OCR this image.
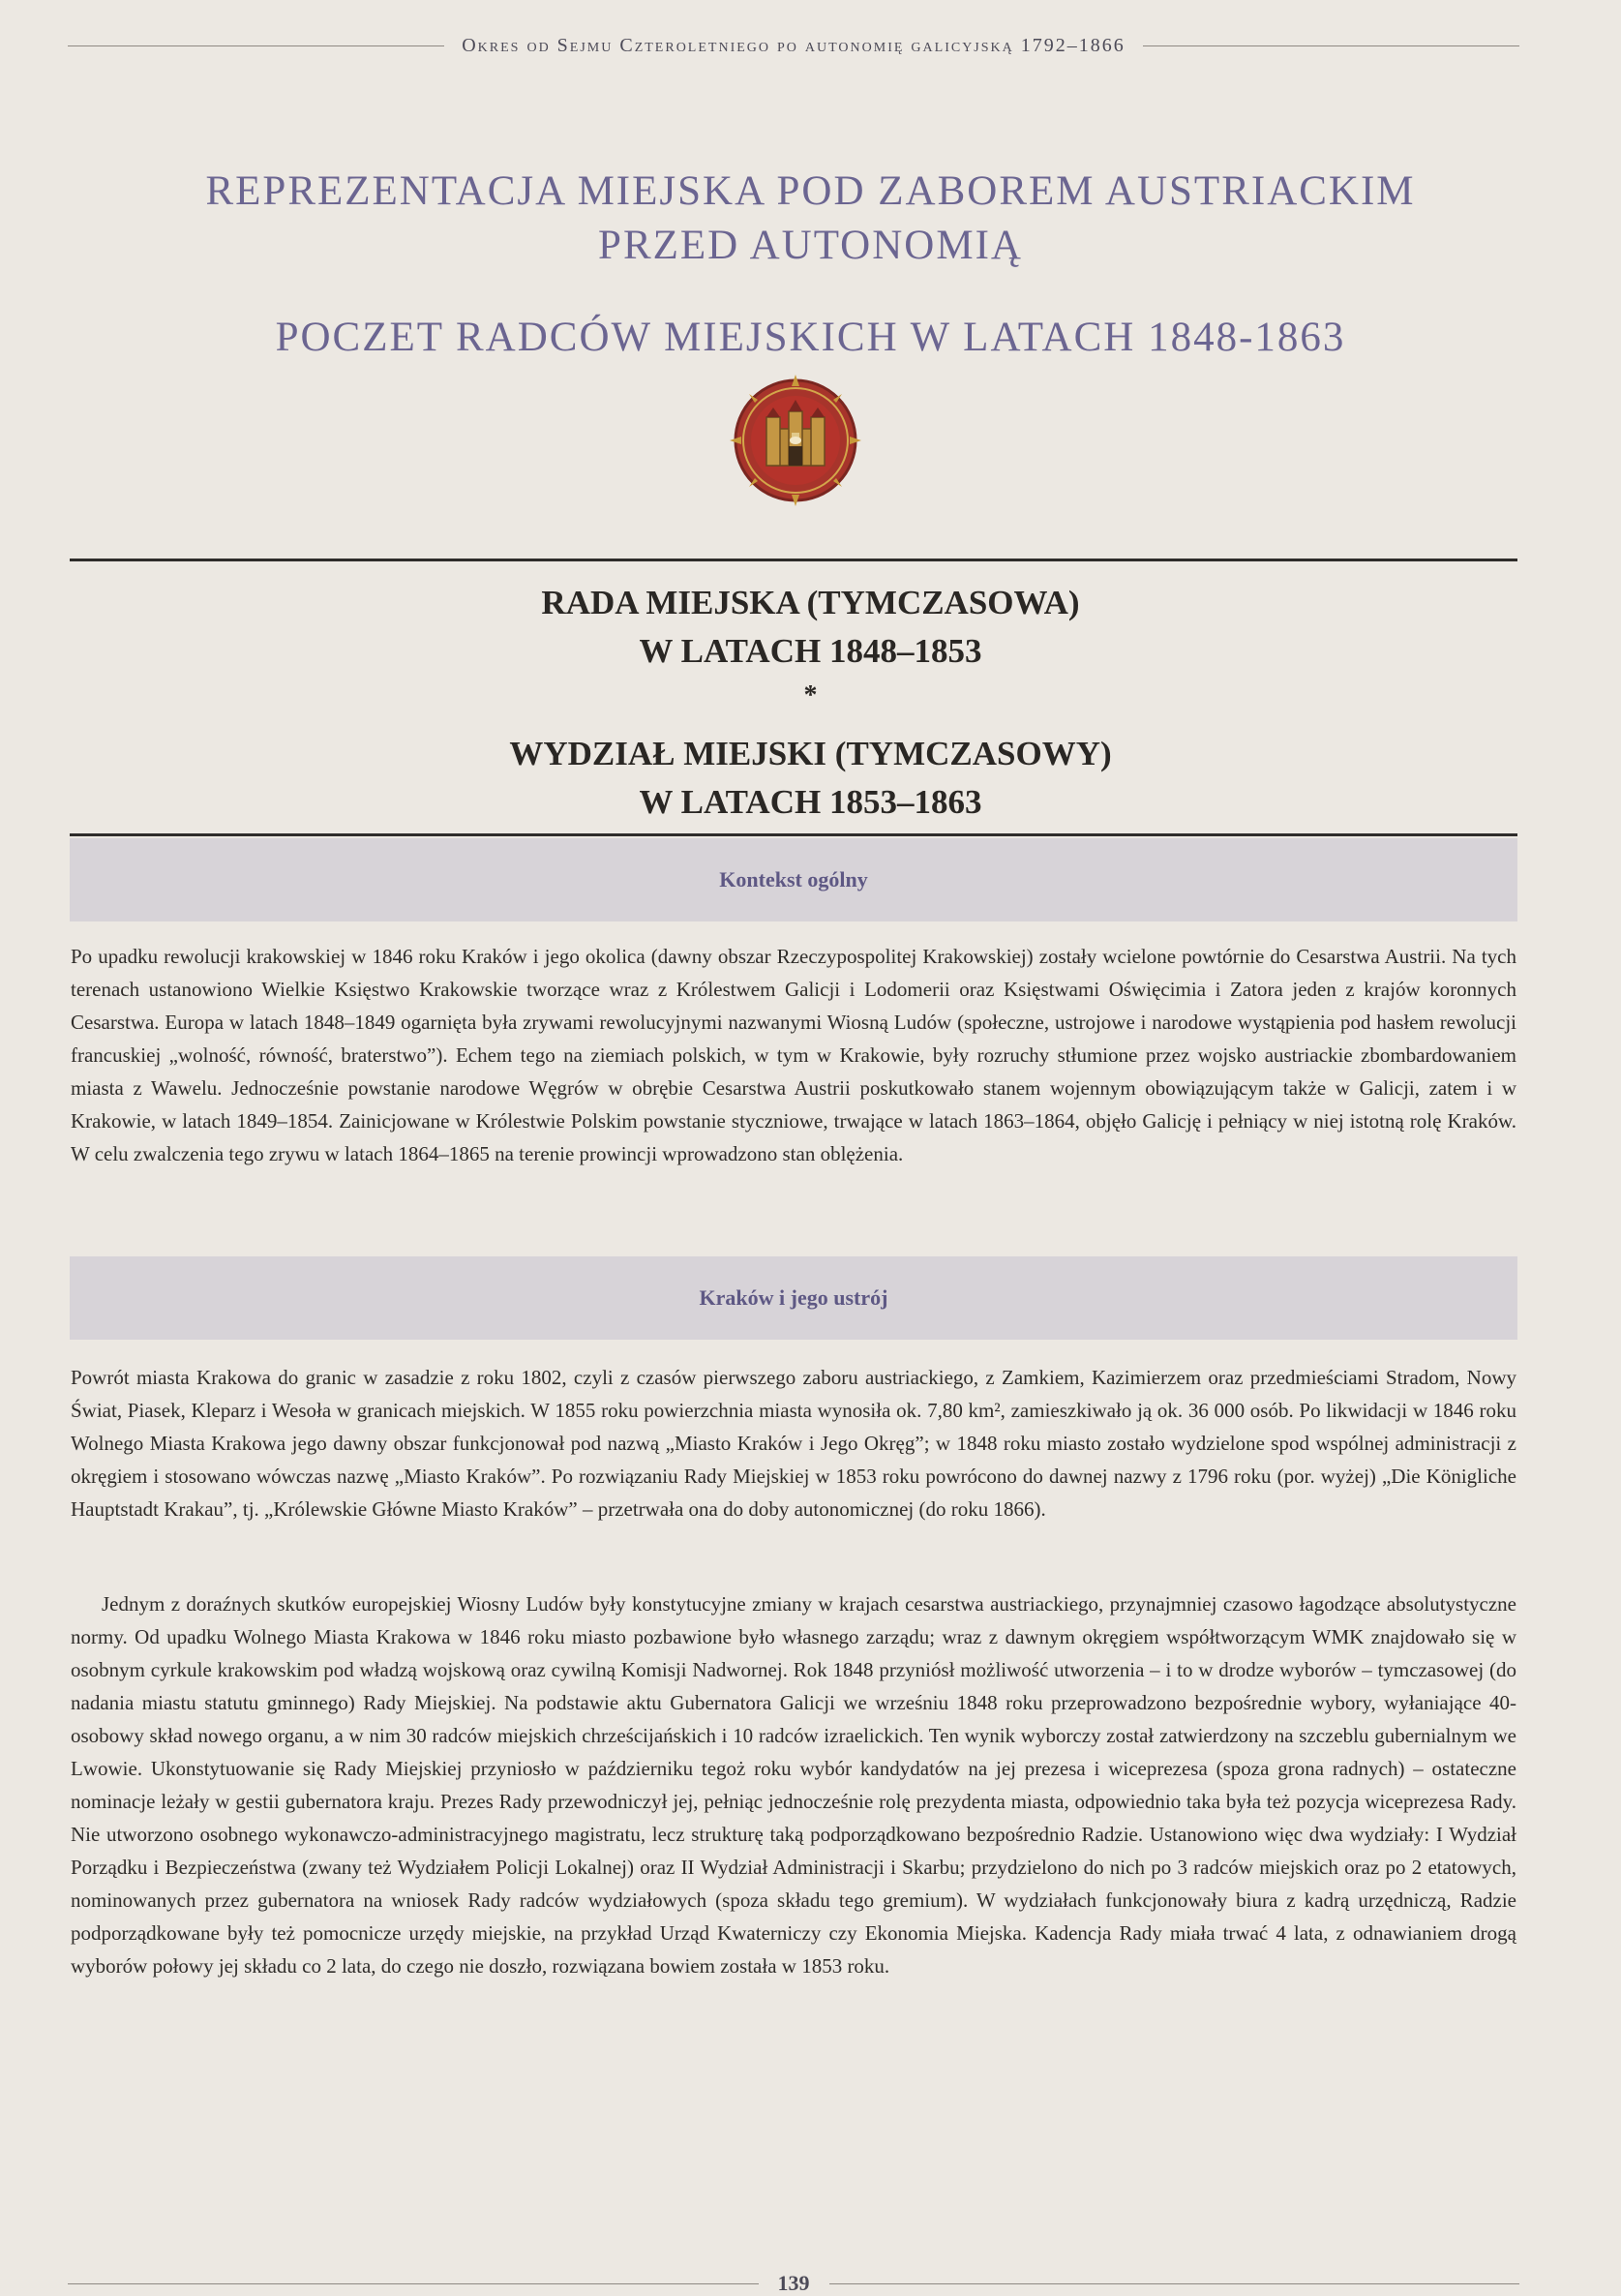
Okres od Sejmu Czteroletniego po autonomię galicyjską 1792–1866
REPREZENTACJA MIEJSKA POD ZABOREM AUSTRIACKIM
PRZED AUTONOMIĄ
POCZET RADCÓW MIEJSKICH W LATACH 1848-1863
RADA MIEJSKA (TYMCZASOWA)
W LATACH 1848–1853
*
WYDZIAŁ MIEJSKI (TYMCZASOWY)
W LATACH 1853–1863
Kontekst ogólny

Po upadku rewolucji krakowskiej w 1846 roku Kraków i jego okolica (dawny obszar Rzeczypospolitej Krakowskiej) zostały wcielone powtórnie do Cesarstwa Austrii. Na tych terenach ustanowiono Wielkie Księstwo Krakowskie tworzące wraz z Królestwem Galicji i Lodomerii oraz Księstwami Oświęcimia i Zatora jeden z krajów koronnych Cesarstwa. Europa w latach 1848–1849 ogarnięta była zrywami rewolucyjnymi nazwanymi Wiosną Ludów (społeczne, ustrojowe i narodowe wystąpienia pod hasłem rewolucji francuskiej „wolność, równość, braterstwo”). Echem tego na ziemiach polskich, w tym w Krakowie, były rozruchy stłumione przez wojsko austriackie zbombardowaniem miasta z Wawelu. Jednocześnie powstanie narodowe Węgrów w obrębie Cesarstwa Austrii poskutkowało stanem wojennym obowiązującym także w Galicji, zatem i w Krakowie, w latach 1849–1854. Zainicjowane w Królestwie Polskim powstanie styczniowe, trwające w latach 1863–1864, objęło Galicję i pełniący w niej istotną rolę Kraków. W celu zwalczenia tego zrywu w latach 1864–1865 na terenie prowincji wprowadzono stan oblężenia.

Kraków i jego ustrój

Powrót miasta Krakowa do granic w zasadzie z roku 1802, czyli z czasów pierwszego zaboru austriackiego, z Zamkiem, Kazimierzem oraz przedmieściami Stradom, Nowy Świat, Piasek, Kleparz i Wesoła w granicach miejskich. W 1855 roku powierzchnia miasta wynosiła ok. 7,80 km², zamieszkiwało ją ok. 36 000 osób. Po likwidacji w 1846 roku Wolnego Miasta Krakowa jego dawny obszar funkcjonował pod nazwą „Miasto Kraków i Jego Okręg”; w 1848 roku miasto zostało wydzielone spod wspólnej administracji z okręgiem i stosowano wówczas nazwę „Miasto Kraków”. Po rozwiązaniu Rady Miejskiej w 1853 roku powrócono do dawnej nazwy z 1796 roku (por. wyżej) „Die Königliche Hauptstadt Krakau”, tj. „Królewskie Główne Miasto Kraków” – przetrwała ona do doby autonomicznej (do roku 1866).

Jednym z doraźnych skutków europejskiej Wiosny Ludów były konstytucyjne zmiany w krajach cesarstwa austriackiego, przynajmniej czasowo łagodzące absolutystyczne normy. Od upadku Wolnego Miasta Krakowa w 1846 roku miasto pozbawione było własnego zarządu; wraz z dawnym okręgiem współtworzącym WMK znajdowało się w osobnym cyrkule krakowskim pod władzą wojskową oraz cywilną Komisji Nadwornej. Rok 1848 przyniósł możliwość utworzenia – i to w drodze wyborów – tymczasowej (do nadania miastu statutu gminnego) Rady Miejskiej. Na podstawie aktu Gubernatora Galicji we wrześniu 1848 roku przeprowadzono bezpośrednie wybory, wyłaniające 40-osobowy skład nowego organu, a w nim 30 radców miejskich chrześcijańskich i 10 radców izraelickich. Ten wynik wyborczy został zatwierdzony na szczeblu gubernialnym we Lwowie. Ukonstytuowanie się Rady Miejskiej przyniosło w październiku tegoż roku wybór kandydatów na jej prezesa i wiceprezesa (spoza grona radnych) – ostateczne nominacje leżały w gestii gubernatora kraju. Prezes Rady przewodniczył jej, pełniąc jednocześnie rolę prezydenta miasta, odpowiednio taka była też pozycja wiceprezesa Rady. Nie utworzono osobnego wykonawczo-administracyjnego magistratu, lecz strukturę taką podporządkowano bezpośrednio Radzie. Ustanowiono więc dwa wydziały: I Wydział Porządku i Bezpieczeństwa (zwany też Wydziałem Policji Lokalnej) oraz II Wydział Administracji i Skarbu; przydzielono do nich po 3 radców miejskich oraz po 2 etatowych, nominowanych przez gubernatora na wniosek Rady radców wydziałowych (spoza składu tego gremium). W wydziałach funkcjonowały biura z kadrą urzędniczą, Radzie podporządkowane były też pomocnicze urzędy miejskie, na przykład Urząd Kwaterniczy czy Ekonomia Miejska. Kadencja Rady miała trwać 4 lata, z odnawianiem drogą wyborów połowy jej składu co 2 lata, do czego nie doszło, rozwiązana bowiem została w 1853 roku.

139
